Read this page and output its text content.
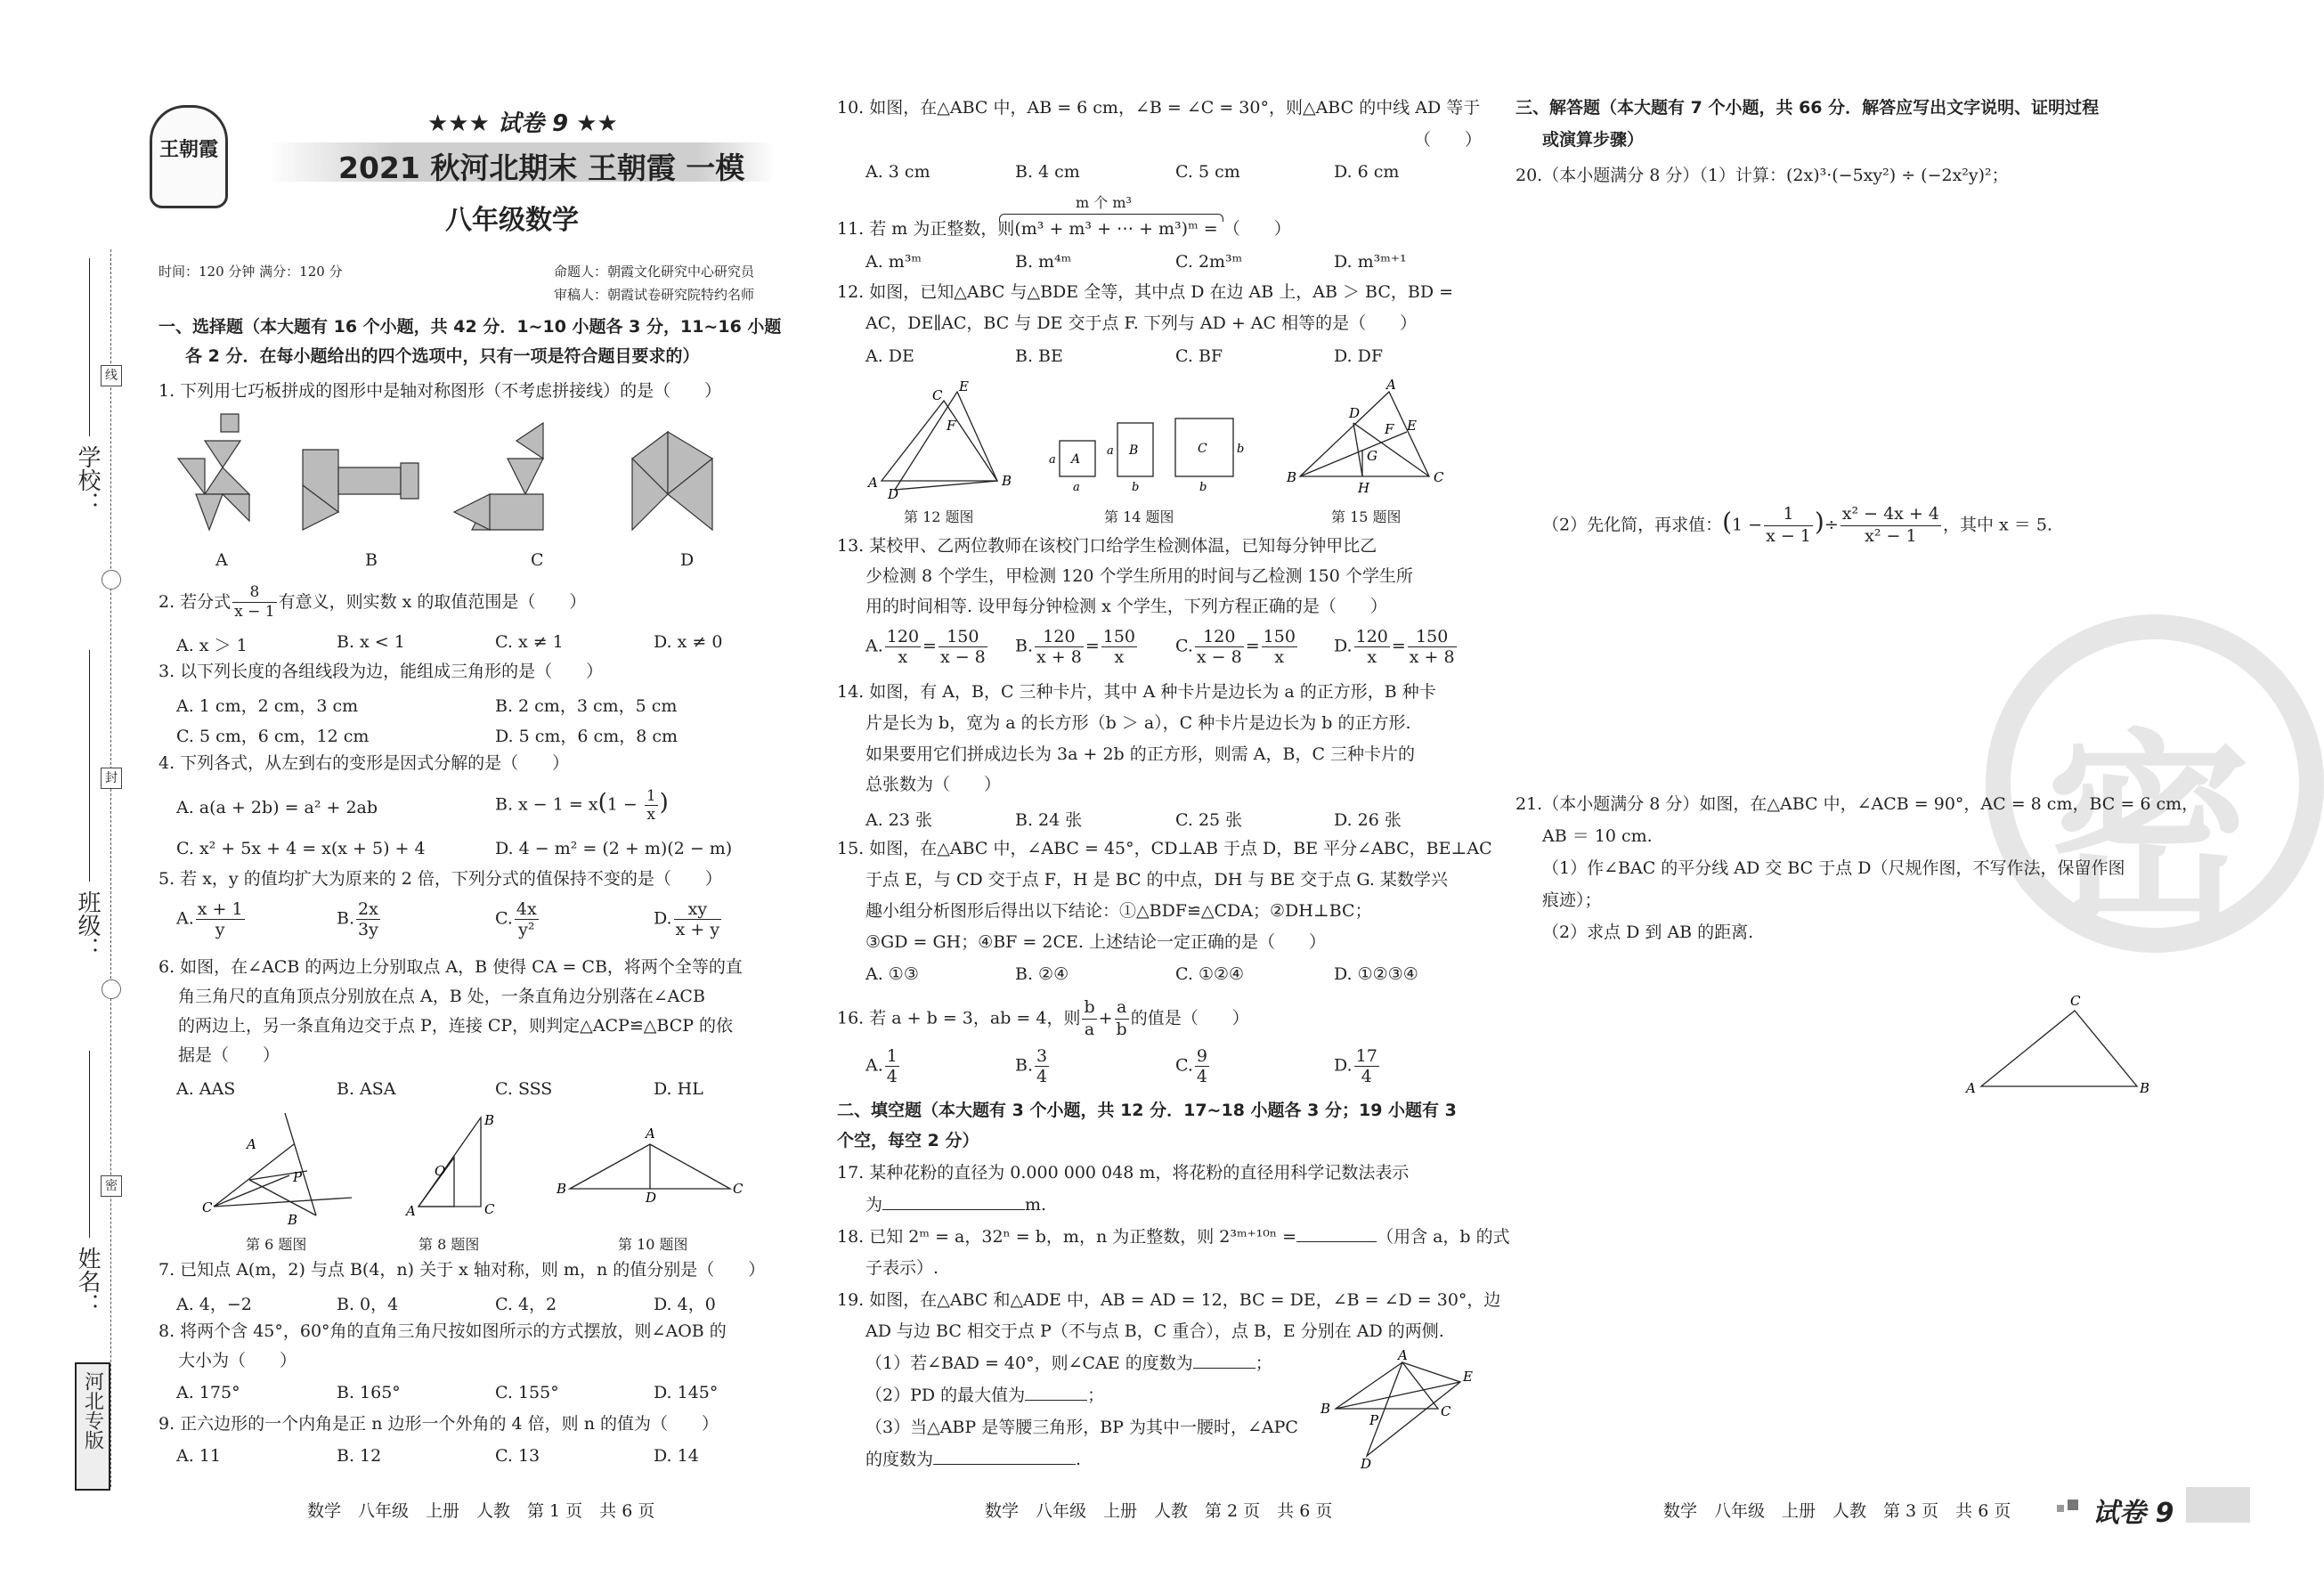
学校：
班级：
姓名：
线
封
密
河北专版
王朝霞
★★★ 试卷 9 ★★
2021 秋河北期末 王朝霞 一模
八年级数学
时间：120 分钟 满分：120 分	命题人：朝霞文化研究中心研究员
审稿人：朝霞试卷研究院特约名师
一、选择题（本大题有 16 个小题，共 42 分．1~10 小题各 3 分，11~16 小题
各 2 分．在每小题给出的四个选项中，只有一项是符合题目要求的）
1. 下列用七巧板拼成的图形中是轴对称图形（不考虑拼接线）的是（　　）
A	B	C	D
2. 若分式 $\frac{8}{x - 1}$ 有意义，则实数 x 的取值范围是（　　）
A. x ＞ 1	B. x < 1	C. x ≠ 1	D. x ≠ 0
3. 以下列长度的各组线段为边，能组成三角形的是（　　）
A. 1 cm，2 cm，3 cm	B. 2 cm，3 cm，5 cm
C. 5 cm，6 cm，12 cm	D. 5 cm，6 cm，8 cm
4. 下列各式，从左到右的变形是因式分解的是（　　）
A. a(a + 2b) = a² + 2ab	B. $x - 1 = x(1 - \frac{1}{x}$ )
C. x² + 5x + 4 = x(x + 5) + 4	D. 4 − m² = (2 + m)(2 − m)
5. 若 x，y 的值均扩大为原来的 2 倍，下列分式的值保持不变的是（　　）
A. $\frac{x + 1}{y}$	B. $\frac{2x}{3y}$	C. $\frac{4x}{\text{y²}}$	D. $\frac{xy}{x + y}$
6. 如图，在∠ACB 的两边上分别取点 A，B 使得 CA = CB，将两个全等的直
角三角尺的直角顶点分别放在点 A，B 处，一条直角边分别落在∠ACB
的两边上，另一条直角边交于点 P，连接 CP，则判定△ACP≌△BCP 的依
据是（　　）
A. AAS	B. ASA	C. SSS	D. HL
C
A
B
P
B
A
O
C
A
B	C
D
第 6 题图	第 8 题图	第 10 题图
7. 已知点 A(m，2) 与点 B(4，n) 关于 x 轴对称，则 m，n 的值分别是（　　）
A. 4，−2	B. 0，4	C. 4，2	D. 4，0
8. 将两个含 45°，60°角的直角三角尺按如图所示的方式摆放，则∠AOB 的
大小为（　　）
A. 175°	B. 165°	C. 155°	D. 145°
9. 正六边形的一个内角是正 n 边形一个外角的 4 倍，则 n 的值为（　　）
A. 11	B. 12	C. 13	D. 14
数学　八年级　上册　人教　第 1 页　共 6 页
10. 如图，在△ABC 中，AB = 6 cm，∠B = ∠C = 30°，则△ABC 的中线 AD 等于
（　　）
A. 3 cm	B. 4 cm	C. 5 cm	D. 6 cm
m 个 m³
11. 若 m 为正整数，则(m³ + m³ + ⋯ + m³)ᵐ = （　　）
A. m³ᵐ	B. m⁴ᵐ	C. 2m³ᵐ	D. m³ᵐ⁺¹
12. 如图，已知△ABC 与△BDE 全等，其中点 D 在边 AB 上，AB ＞ BC，BD =
AC，DE∥AC，BC 与 DE 交于点 F. 下列与 AD + AC 相等的是（　　）
A. DE	B. BE	C. BF	D. DF
A
C
E
F
B
D
A
B	C
a
a
a
b
b
b
A
D
E
F
G
B	C
H
第 12 题图	第 14 题图	第 15 题图
13. 某校甲、乙两位教师在该校门口给学生检测体温，已知每分钟甲比乙
少检测 8 个学生，甲检测 120 个学生所用的时间与乙检测 150 个学生所
用的时间相等. 设甲每分钟检测 x 个学生，下列方程正确的是（　　）
A. $\frac{120}{x} = \frac{150}{x - 8} B$. $\frac{120}{x + 8} = \frac{150}{x} C$. $\frac{120}{x - 8} = \frac{150}{x} D$. $\frac{120}{x} = \frac{150}{x + 8}$
14. 如图，有 A，B，C 三种卡片，其中 A 种卡片是边长为 a 的正方形，B 种卡
片是长为 b，宽为 a 的长方形（b ＞ a），C 种卡片是边长为 b 的正方形.
如果要用它们拼成边长为 3a + 2b 的正方形，则需 A，B，C 三种卡片的
总张数为（　　）
A. 23 张	B. 24 张	C. 25 张	D. 26 张
15. 如图，在△ABC 中，∠ABC = 45°，CD⊥AB 于点 D，BE 平分∠ABC，BE⊥AC
于点 E，与 CD 交于点 F，H 是 BC 的中点，DH 与 BE 交于点 G. 某数学兴
趣小组分析图形后得出以下结论：①△BDF≌△CDA；②DH⊥BC；
③GD = GH；④BF = 2CE. 上述结论一定正确的是（　　）
A. ①③	B. ②④	C. ①②④	D. ①②③④
16. 若 a + b = 3，ab = 4，则 $\frac{b}{a} + \frac{a}{b}$ 的值是（　　）
A. $\frac{1}{4}$	B. $\frac{3}{4}$	C. $\frac{9}{4}$	D. $\frac{17}{4}$
二、填空题（本大题有 3 个小题，共 12 分．17~18 小题各 3 分；19 小题有 3
个空，每空 2 分）
17. 某种花粉的直径为 0.000 000 048 m，将花粉的直径用科学记数法表示
为	m.
18. 已知 2ᵐ = a，32ⁿ = b，m，n 为正整数，则 2³ᵐ⁺¹⁰ⁿ =	（用含 a，b 的式
子表示）.
19. 如图，在△ABC 和△ADE 中，AB = AD = 12，BC = DE，∠B = ∠D = 30°，边
AD 与边 BC 相交于点 P（不与点 B，C 重合），点 B，E 分别在 AD 的两侧.
（1）若∠BAD = 40°，则∠CAE 的度数为	；
（2）PD 的最大值为	；
（3）当△ABP 是等腰三角形，BP 为其中一腰时，∠APC
的度数为	.
A
B	C
E
P
D
数学　八年级　上册　人教　第 2 页　共 6 页
密
三、解答题（本大题有 7 个小题，共 66 分．解答应写出文字说明、证明过程
或演算步骤）
20.（本小题满分 8 分）（1）计算：(2x)³·(−5xy²) ÷ (−2x²y)²；
（2）先化简，再求值：($1 - \frac{1}{x - 1}$ )÷ $\frac{\text{x² − 4x + 4}}{\text{x² − 1}}$ ，其中 x ＝ 5.
21.（本小题满分 8 分）如图，在△ABC 中，∠ACB = 90°，AC = 8 cm，BC = 6 cm，
AB ＝ 10 cm.
（1）作∠BAC 的平分线 AD 交 BC 于点 D（尺规作图，不写作法，保留作图
痕迹）；
（2）求点 D 到 AB 的距离.
C
A	B
数学　八年级　上册　人教　第 3 页　共 6 页	试卷 9
